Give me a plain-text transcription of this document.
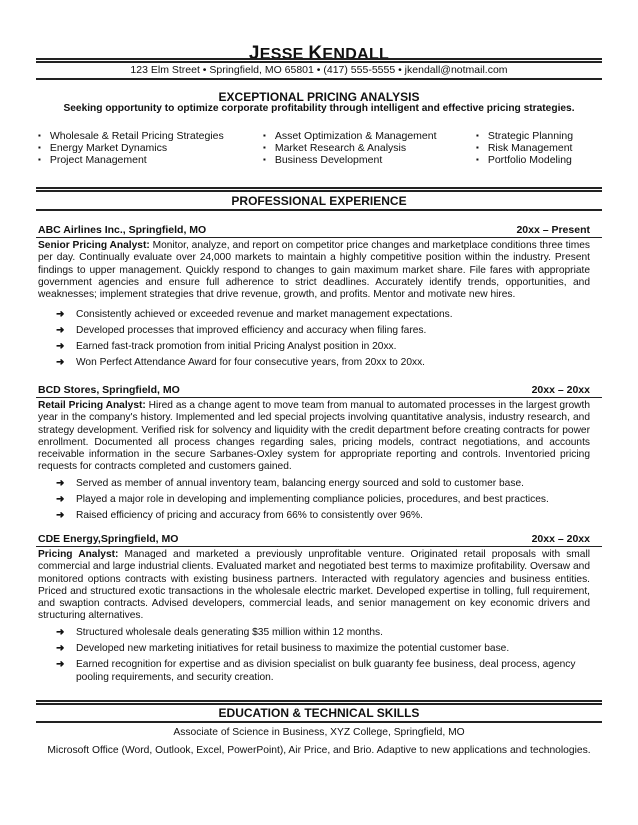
JESSE KENDALL
123 Elm Street • Springfield, MO 65801 • (417) 555-5555 • jkendall@notmail.com
EXCEPTIONAL PRICING ANALYSIS
Seeking opportunity to optimize corporate profitability through intelligent and effective pricing strategies.
▪ Wholesale & Retail Pricing Strategies
▪ Energy Market Dynamics
▪ Project Management
▪ Asset Optimization & Management
▪ Market Research & Analysis
▪ Business Development
▪ Strategic Planning
▪ Risk Management
▪ Portfolio Modeling
PROFESSIONAL EXPERIENCE
ABC Airlines Inc., Springfield, MO	20xx – Present
Senior Pricing Analyst: Monitor, analyze, and report on competitor price changes and marketplace conditions three times per day. Continually evaluate over 24,000 markets to maintain a highly competitive position within the industry. Present findings to upper management. Quickly respond to changes to gain maximum market share. File fares with appropriate government agencies and ensure full adherence to strict deadlines. Accurately identify trends, opportunities, and weaknesses; implement strategies that drive revenue, growth, and profits. Mentor and motivate new hires.
➜ Consistently achieved or exceeded revenue and market management expectations.
➜ Developed processes that improved efficiency and accuracy when filing fares.
➜ Earned fast-track promotion from initial Pricing Analyst position in 20xx.
➜ Won Perfect Attendance Award for four consecutive years, from 20xx to 20xx.
BCD Stores, Springfield, MO	20xx – 20xx
Retail Pricing Analyst: Hired as a change agent to move team from manual to automated processes in the largest growth year in the company's history. Implemented and led special projects involving quantitative analysis, industry research, and strategy development. Verified risk for solvency and liquidity with the credit department before creating contracts for power enrollment. Documented all process changes regarding sales, pricing models, contract negotiations, and accounts receivable information in the secure Sarbanes-Oxley system for appropriate reporting and controls. Inventoried pricing requests for contracts completed and customers gained.
➜ Served as member of annual inventory team, balancing energy sourced and sold to customer base.
➜ Played a major role in developing and implementing compliance policies, procedures, and best practices.
➜ Raised efficiency of pricing and accuracy from 66% to consistently over 96%.
CDE Energy,Springfield, MO	20xx – 20xx
Pricing Analyst: Managed and marketed a previously unprofitable venture. Originated retail proposals with small commercial and large industrial clients. Evaluated market and negotiated best terms to maximize profitability. Oversaw and monitored options contracts with existing business partners. Interacted with regulatory agencies and business entities. Priced and structured exotic transactions in the wholesale electric market. Developed expertise in tolling, full requirement, and swaption contracts. Advised developers, commercial leads, and senior management on key economic drivers and structuring alternatives.
➜ Structured wholesale deals generating $35 million within 12 months.
➜ Developed new marketing initiatives for retail business to maximize the potential customer base.
➜ Earned recognition for expertise and as division specialist on bulk guaranty fee business, deal process, agency pooling requirements, and security creation.
EDUCATION & TECHNICAL SKILLS
Associate of Science in Business, XYZ College, Springfield, MO
Microsoft Office (Word, Outlook, Excel, PowerPoint), Air Price, and Brio. Adaptive to new applications and technologies.
